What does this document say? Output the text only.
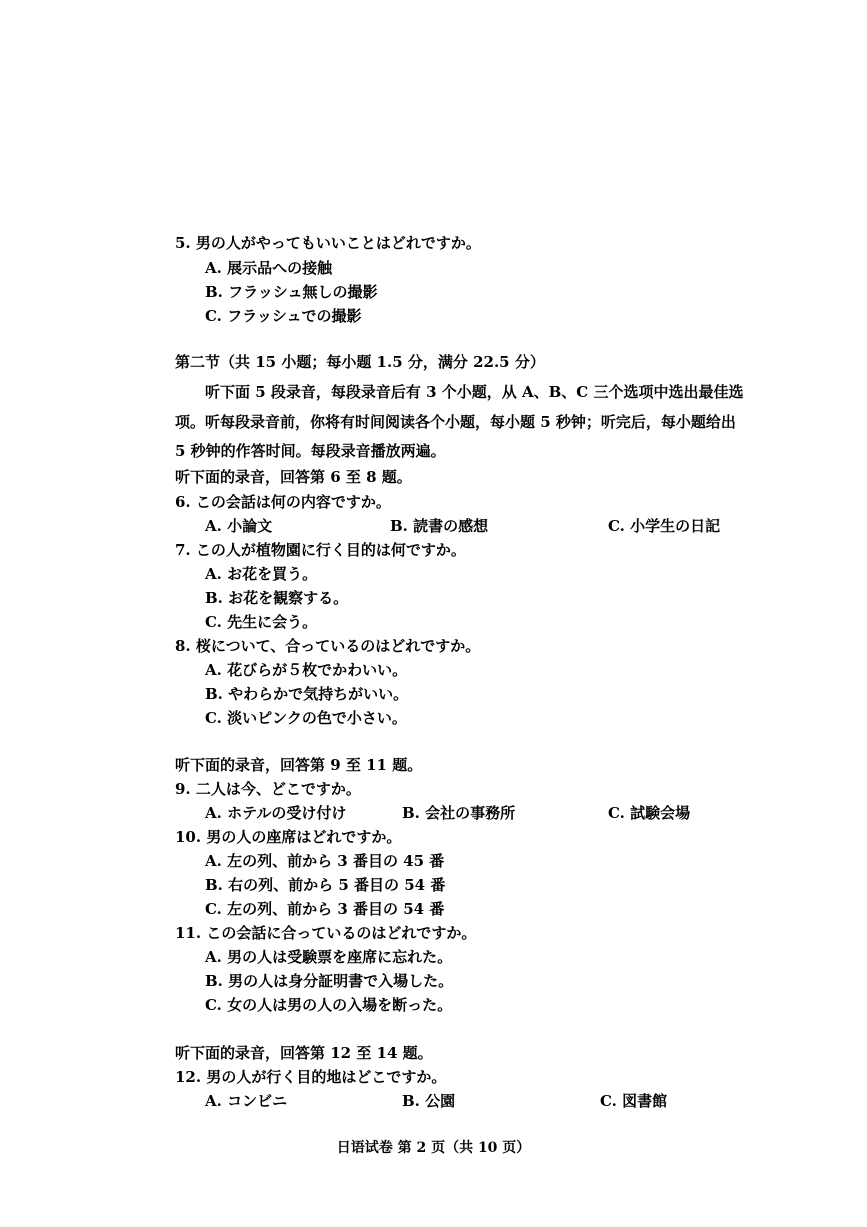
5. 男の人がやってもいいことはどれですか。
A. 展示品への接触
B. フラッシュ無しの撮影
C. フラッシュでの撮影
第二节（共 15 小题；每小题 1.5 分，满分 22.5 分）
听下面 5 段录音，每段录音后有 3 个小题，从 A、B、C 三个选项中选出最佳选
项。听每段录音前，你将有时间阅读各个小题，每小题 5 秒钟；听完后，每小题给出
5 秒钟的作答时间。每段录音播放两遍。
听下面的录音，回答第 6 至 8 题。
6. この会話は何の内容ですか。
A. 小論文	B. 読書の感想	C. 小学生の日記
7. この人が植物園に行く目的は何ですか。
A. お花を買う。
B. お花を観察する。
C. 先生に会う。
8. 桜について、合っているのはどれですか。
A. 花びらが５枚でかわいい。
B. やわらかで気持ちがいい。
C. 淡いピンクの色で小さい。
听下面的录音，回答第 9 至 11 题。
9. 二人は今、どこですか。
A. ホテルの受け付け	B. 会社の事務所	C. 試験会場
10. 男の人の座席はどれですか。
A. 左の列、前から 3 番目の 45 番
B. 右の列、前から 5 番目の 54 番
C. 左の列、前から 3 番目の 54 番
11. この会話に合っているのはどれですか。
A. 男の人は受験票を座席に忘れた。
B. 男の人は身分証明書で入場した。
C. 女の人は男の人の入場を断った。
听下面的录音，回答第 12 至 14 题。
12. 男の人が行く目的地はどこですか。
A. コンビニ	B. 公園	C. 図書館
日语试卷 第 2 页（共 10 页）
